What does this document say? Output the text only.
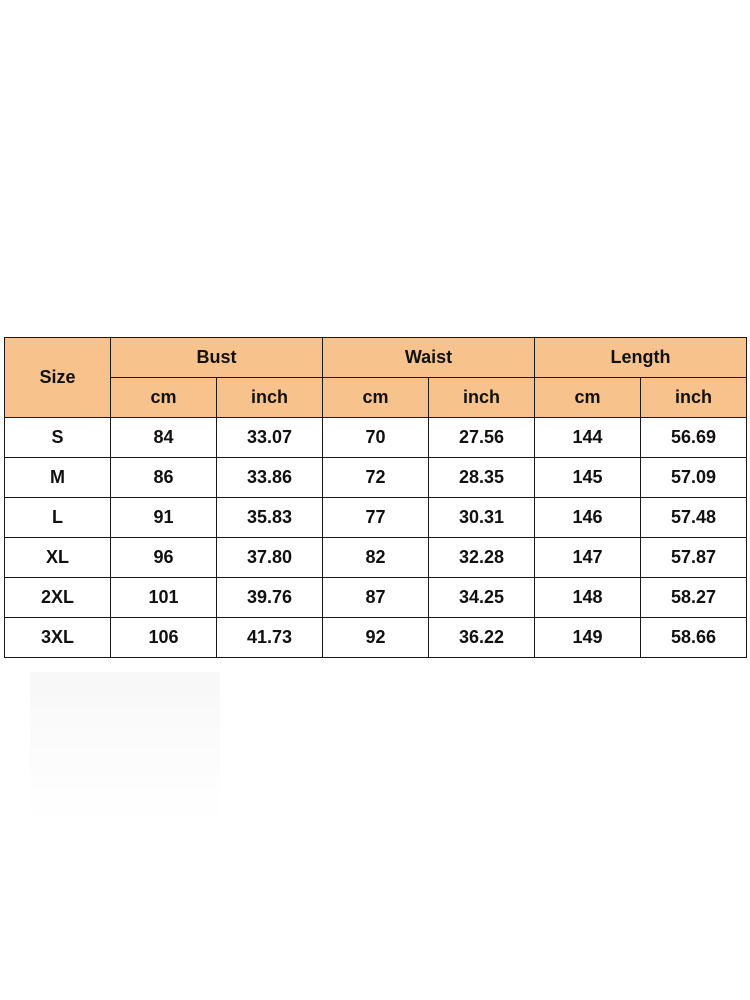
Size	Bust		Waist		Length	
	cm	inch	cm	inch	cm	inch
S	84	33.07	70	27.56	144	56.69
M	86	33.86	72	28.35	145	57.09
L	91	35.83	77	30.31	146	57.48
XL	96	37.80	82	32.28	147	57.87
2XL	101	39.76	87	34.25	148	58.27
3XL	106	41.73	92	36.22	149	58.66
